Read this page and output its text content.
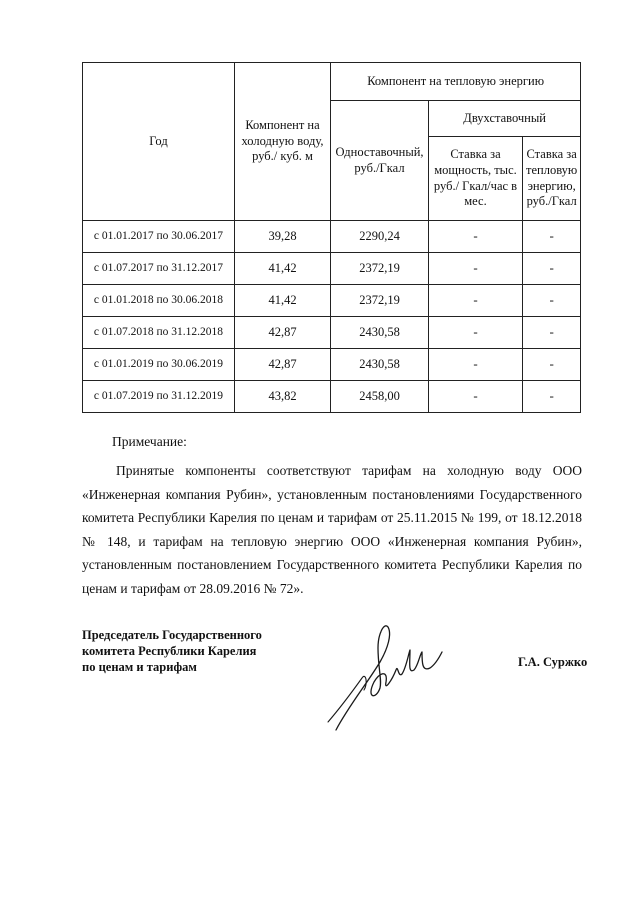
Год	Компонент на холодную воду, руб./ куб. м	Компонент на тепловую энергию		

		Одноставочный, руб./Гкал	Двухставочный	

			Ставка за мощность, тыс. руб./ Гкал/час в мес.	Ставка за тепловую энергию, руб./Гкал

с 01.01.2017 по 30.06.2017	39,28	2290,24	-	-
с 01.07.2017 по 31.12.2017	41,42	2372,19	-	-
с 01.01.2018 по 30.06.2018	41,42	2372,19	-	-
с 01.07.2018 по 31.12.2018	42,87	2430,58	-	-
с 01.01.2019 по 30.06.2019	42,87	2430,58	-	-
с 01.07.2019 по 31.12.2019	43,82	2458,00	-	-
Примечание:
Принятые компоненты соответствуют тарифам на холодную воду ООО «Инженерная компания Рубин», установленным постановлениями Государственного комитета Республики Карелия по ценам и тарифам от 25.11.2015 № 199, от 18.12.2018 № 148, и тарифам на тепловую энергию ООО «Инженерная компания Рубин», установленным постановлением Государственного комитета Республики Карелия по ценам и тарифам от 28.09.2016 № 72».
Председатель Государственного
комитета Республики Карелия
по ценам и тарифам	Г.А. Суржко
